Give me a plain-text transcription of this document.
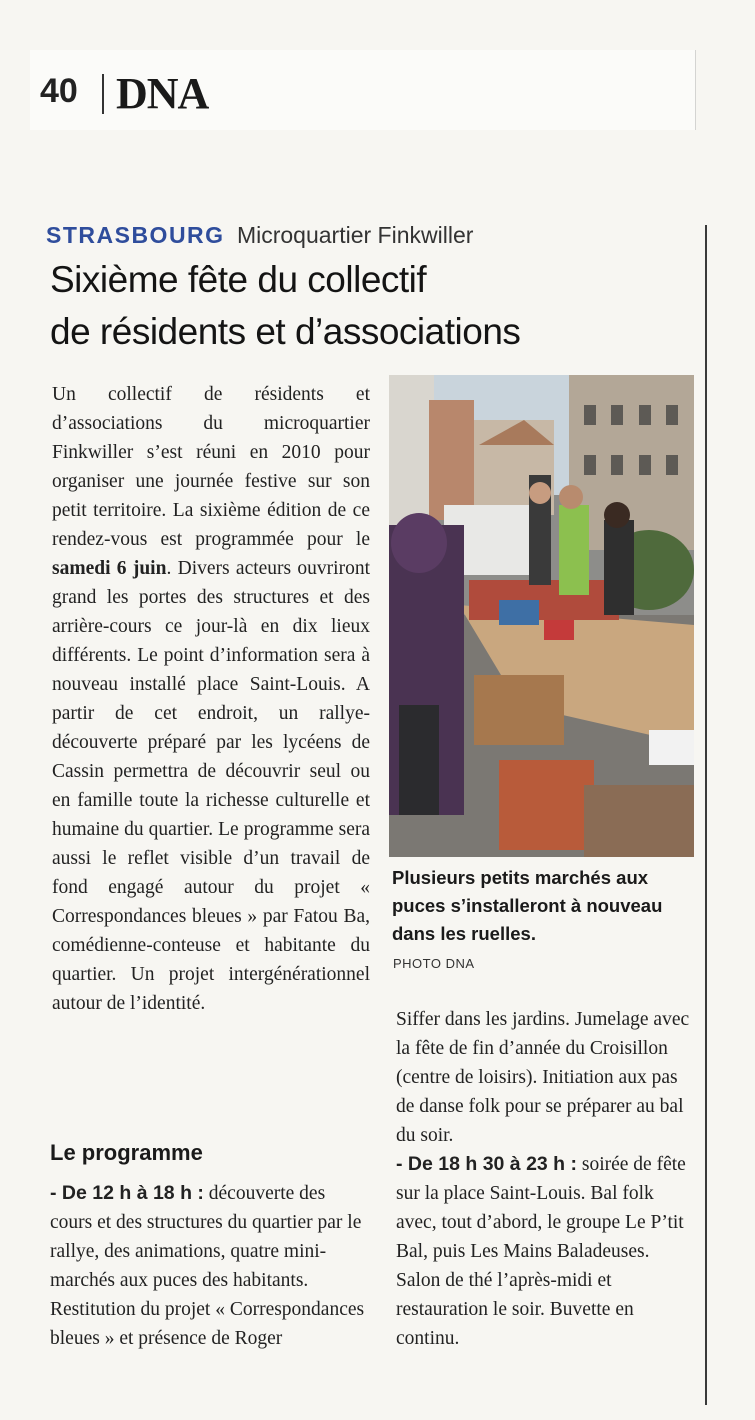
40 DNA
STRASBOURG Microquartier Finkwiller
Sixième fête du collectif
de résidents et d’associations

Un collectif de résidents et d’associations du microquartier Finkwiller s’est réuni en 2010 pour organiser une journée festive sur son petit territoire. La sixième édition de ce rendez-vous est programmée pour le samedi 6 juin. Divers acteurs ouvriront grand les portes des structures et des arrière-cours ce jour-là en dix lieux différents. Le point d’information sera à nouveau installé place Saint-Louis. A partir de cet endroit, un rallye-découverte préparé par les lycéens de Cassin permettra de découvrir seul ou en famille toute la richesse culturelle et humaine du quartier. Le programme sera aussi le reflet visible d’un travail de fond engagé autour du projet « Correspondances bleues » par Fatou Ba, comédienne-conteuse et habitante du quartier. Un projet intergénérationnel autour de l’identité.

Plusieurs petits marchés aux puces s’installeront à nouveau dans les ruelles.
PHOTO DNA
Le programme

- De 12 h à 18 h : découverte des cours et des structures du quartier par le rallye, des animations, quatre mini-marchés aux puces des habitants. Restitution du projet « Correspondances bleues » et présence de Roger

Siffer dans les jardins. Jumelage avec la fête de fin d’année du Croisillon (centre de loisirs). Initiation aux pas de danse folk pour se préparer au bal du soir.

- De 18 h 30 à 23 h : soirée de fête sur la place Saint-Louis. Bal folk avec, tout d’abord, le groupe Le P’tit Bal, puis Les Mains Baladeuses.

Salon de thé l’après-midi et restauration le soir. Buvette en continu.
